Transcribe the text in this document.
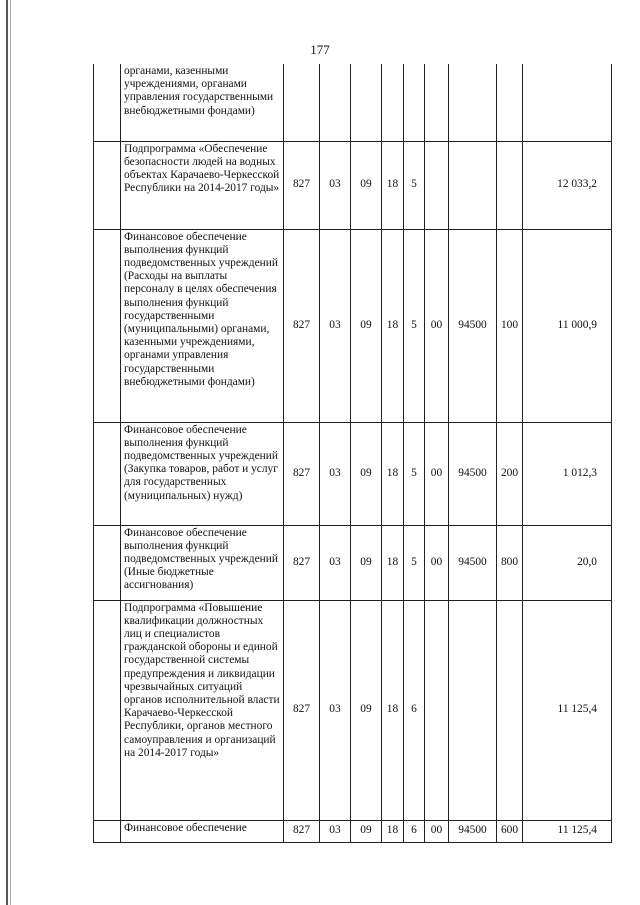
177
	органами, казенными учреждениями, органами управления государственными внебюджетными фондами)									
	Подпрограмма «Обеспечение безопасности людей на водных объектах Карачаево-Черкесской Республики на 2014-2017 годы»	827	03	09	18	5				12 033,2
	Финансовое обеспечение выполнения функций подведомственных учреждений (Расходы на выплаты персоналу в целях обеспечения выполнения функций государственными (муниципальными) органами, казенными учреждениями, органами управления государственными внебюджетными фондами)	827	03	09	18	5	00	94500	100	11 000,9
	Финансовое обеспечение выполнения функций подведомственных учреждений (Закупка товаров, работ и услуг для государственных (муниципальных) нужд)	827	03	09	18	5	00	94500	200	1 012,3
	Финансовое обеспечение выполнения функций подведомственных учреждений (Иные бюджетные ассигнования)	827	03	09	18	5	00	94500	800	20,0
	Подпрограмма «Повышение квалификации должностных лиц и специалистов гражданской обороны и единой государственной системы предупреждения и ликвидации чрезвычайных ситуаций органов исполнительной власти Карачаево-Черкесской Республики, органов местного самоуправления и организаций на 2014-2017 годы»	827	03	09	18	6				11 125,4
	Финансовое обеспечение	827	03	09	18	6	00	94500	600	11 125,4
